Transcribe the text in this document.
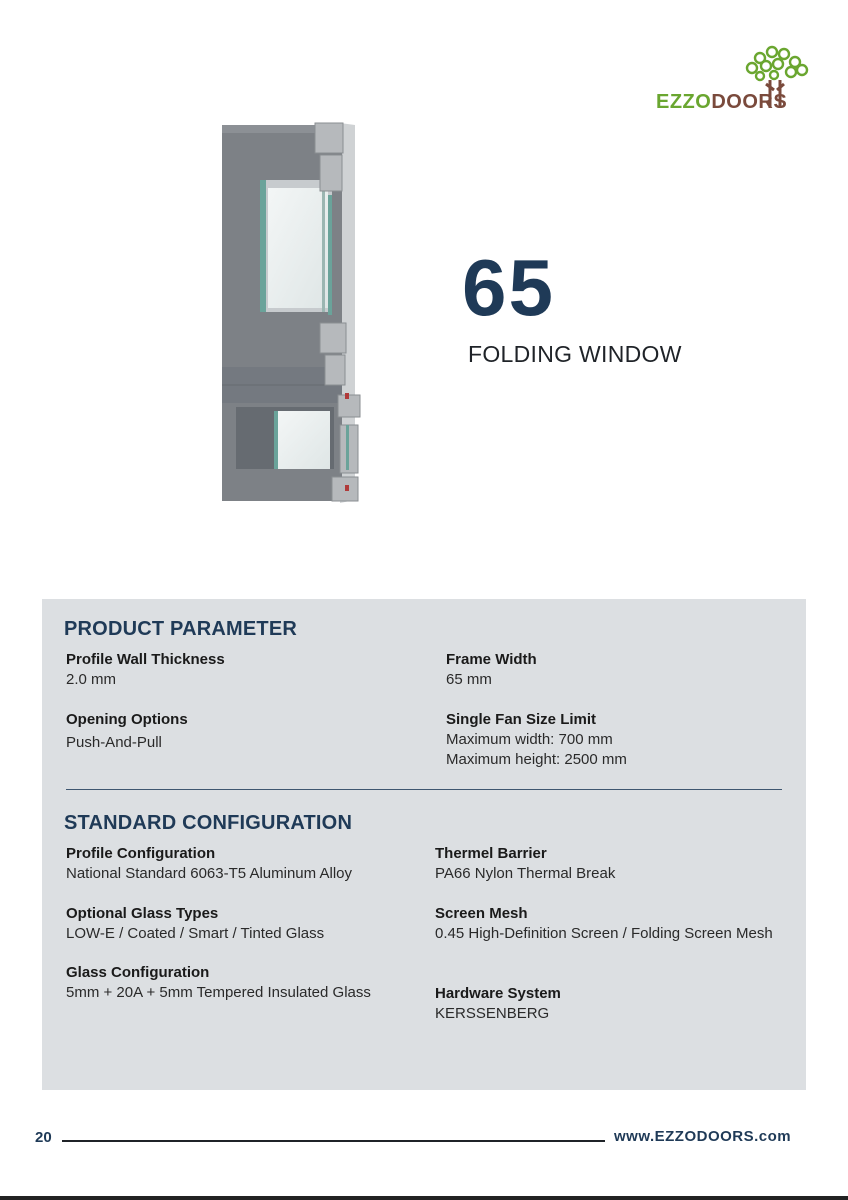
EZZODOORS
65
FOLDING WINDOW
PRODUCT PARAMETER
Profile Wall Thickness
2.0 mm
Frame Width
65 mm
Opening Options
Push-And-Pull
Single Fan Size Limit
Maximum width: 700 mm
Maximum height: 2500 mm
STANDARD CONFIGURATION
Profile Configuration
National Standard 6063-T5 Aluminum Alloy
Thermel Barrier
PA66 Nylon Thermal Break
Optional Glass Types
LOW-E / Coated / Smart / Tinted Glass
Screen Mesh
0.45 High-Definition Screen / Folding Screen Mesh
Glass Configuration
5mm + 20A + 5mm Tempered Insulated Glass	Hardware System
KERSSENBERG
20	www.EZZODOORS.com
